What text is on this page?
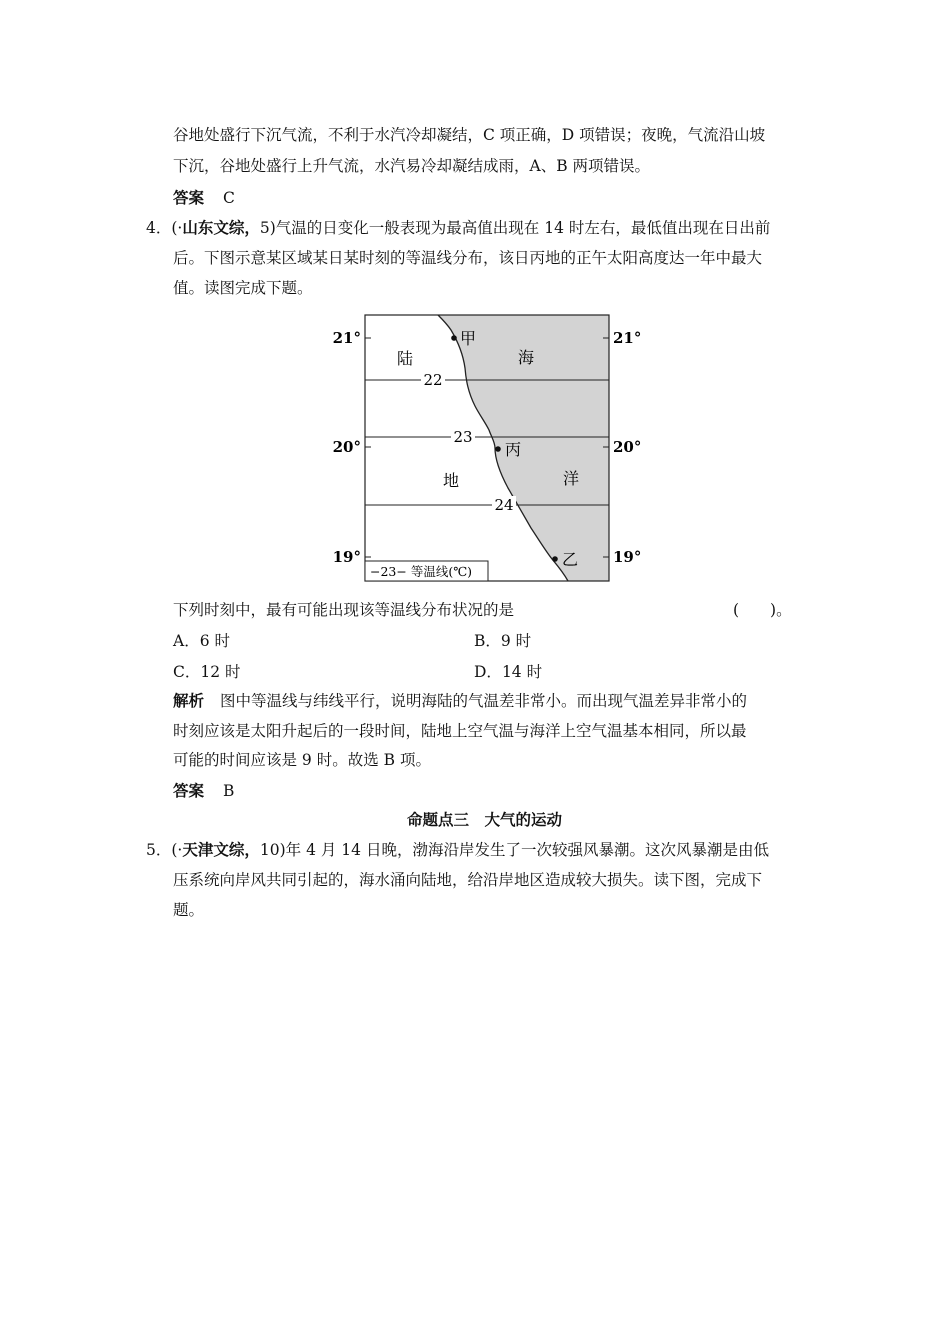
谷地处盛行下沉气流，不利于水汽冷却凝结，C 项正确，D 项错误；夜晚，气流沿山坡
下沉，谷地处盛行上升气流，水汽易冷却凝结成雨，A、B 两项错误。
答案 C
4．(·山东文综，5)气温的日变化一般表现为最高值出现在 14 时左右，最低值出现在日出前
后。下图示意某区域某日某时刻的等温线分布，该日丙地的正午太阳高度达一年中最大
值。读图完成下题。
22
23
24
21°
20°
19°
21°
20°
19°
陆	海
地	洋
甲
丙
乙
−23− 等温线(℃)
下列时刻中，最有可能出现该等温线分布状况的是	(　　)。
A．6 时	B．9 时
C．12 时	D．14 时
解析 图中等温线与纬线平行，说明海陆的气温差非常小。而出现气温差异非常小的
时刻应该是太阳升起后的一段时间，陆地上空气温与海洋上空气温基本相同，所以最
可能的时间应该是 9 时。故选 B 项。
答案 B
命题点三　大气的运动
5．(·天津文综，10)年 4 月 14 日晚，渤海沿岸发生了一次较强风暴潮。这次风暴潮是由低
压系统向岸风共同引起的，海水涌向陆地，给沿岸地区造成较大损失。读下图，完成下
题。
